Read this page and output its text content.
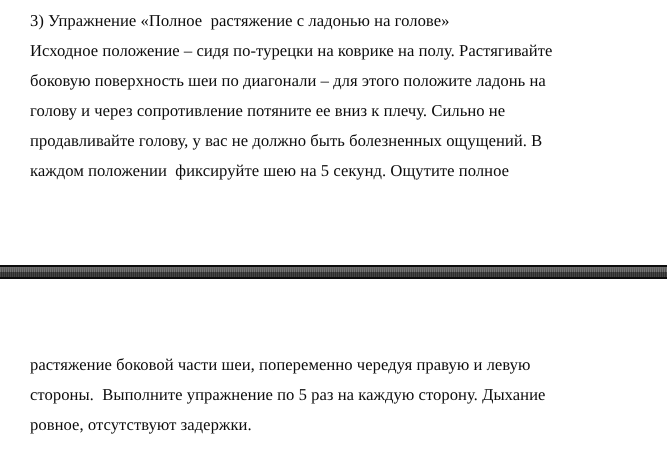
3) Упражнение «Полное  растяжение с ладонью на голове»
Исходное положение – сидя по-турецки на коврике на полу. Растягивайте
боковую поверхность шеи по диагонали – для этого положите ладонь на
голову и через сопротивление потяните ее вниз к плечу. Сильно не
продавливайте голову, у вас не должно быть болезненных ощущений. В
каждом положении  фиксируйте шею на 5 секунд. Ощутите полное
растяжение боковой части шеи, попеременно чередуя правую и левую
стороны.  Выполните упражнение по 5 раз на каждую сторону. Дыхание
ровное, отсутствуют задержки.
